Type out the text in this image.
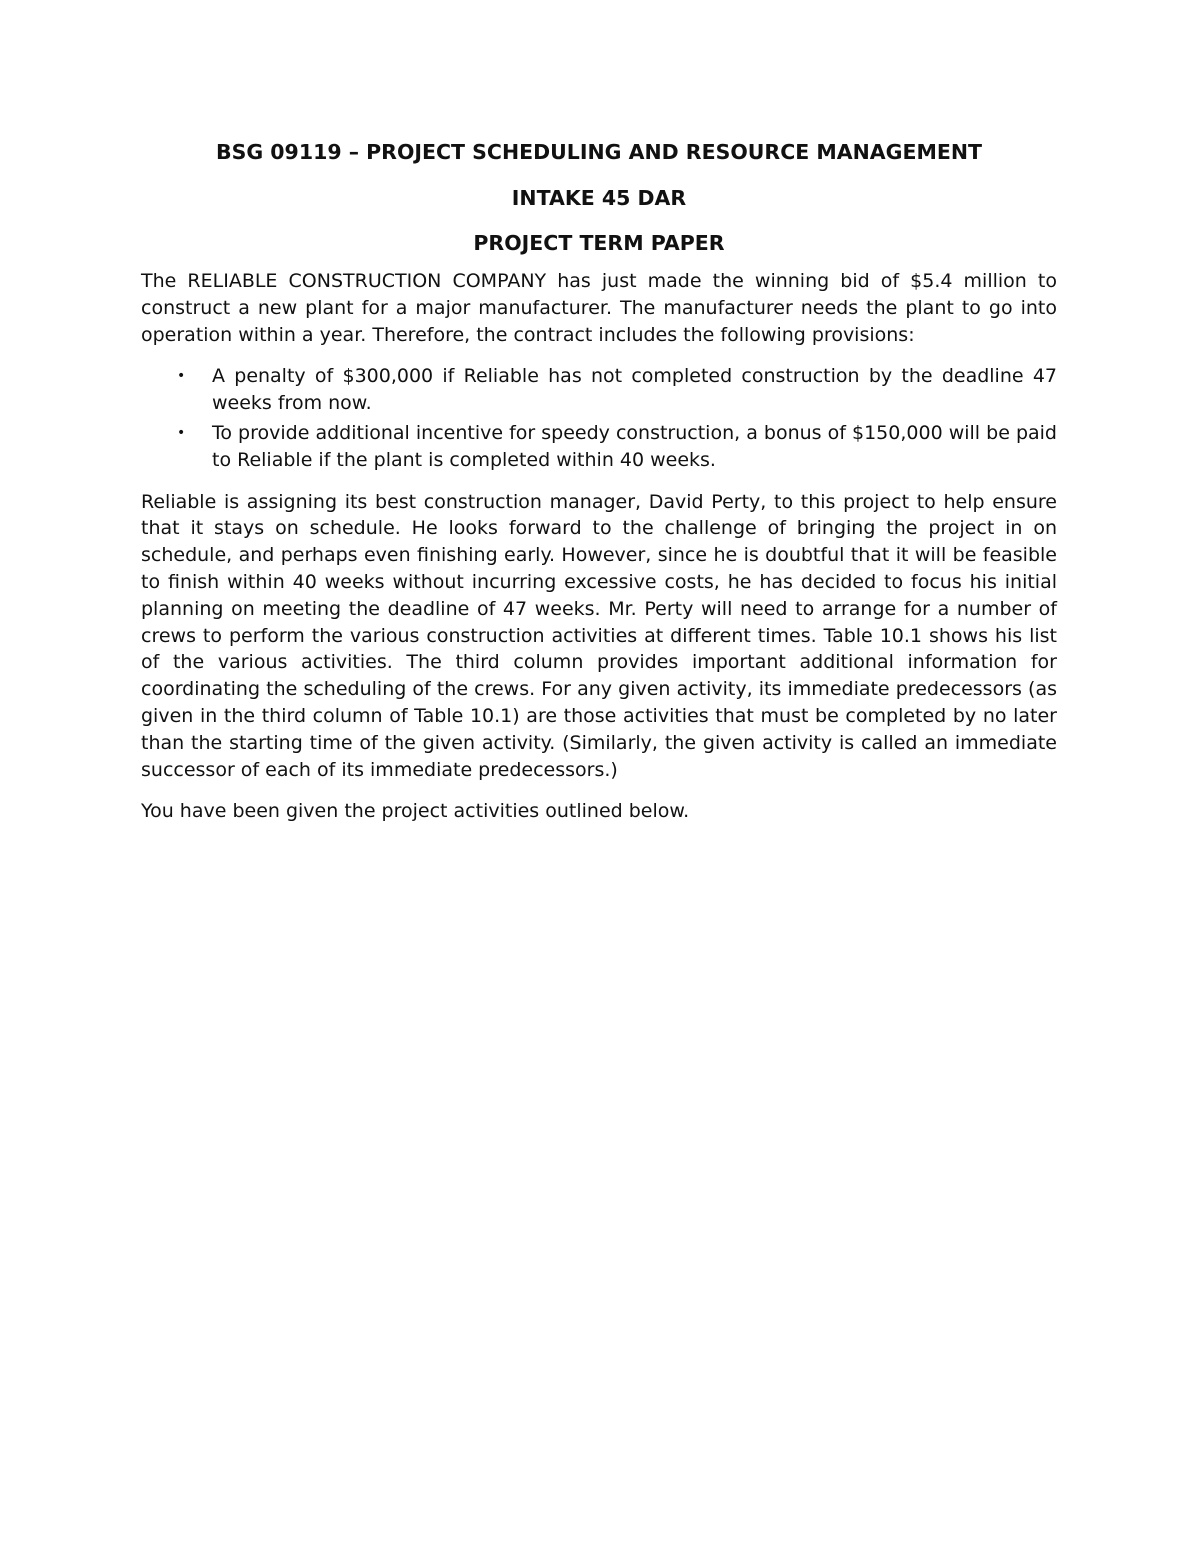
BSG 09119 – PROJECT SCHEDULING AND RESOURCE MANAGEMENT
INTAKE 45 DAR
PROJECT TERM PAPER

The RELIABLE CONSTRUCTION COMPANY has just made the winning bid of $5.4 million to construct a new plant for a major manufacturer. The manufacturer needs the plant to go into operation within a year. Therefore, the contract includes the following provisions:

• A penalty of $300,000 if Reliable has not completed construction by the deadline 47 weeks from now.
• To provide additional incentive for speedy construction, a bonus of $150,000 will be paid to Reliable if the plant is completed within 40 weeks.

Reliable is assigning its best construction manager, David Perty, to this project to help ensure that it stays on schedule. He looks forward to the challenge of bringing the project in on schedule, and perhaps even finishing early. However, since he is doubtful that it will be feasible to finish within 40 weeks without incurring excessive costs, he has decided to focus his initial planning on meeting the deadline of 47 weeks. Mr. Perty will need to arrange for a number of crews to perform the various construction activities at different times. Table 10.1 shows his list of the various activities. The third column provides important additional information for coordinating the scheduling of the crews. For any given activity, its immediate predecessors (as given in the third column of Table 10.1) are those activities that must be completed by no later than the starting time of the given activity. (Similarly, the given activity is called an immediate successor of each of its immediate predecessors.)

You have been given the project activities outlined below.
